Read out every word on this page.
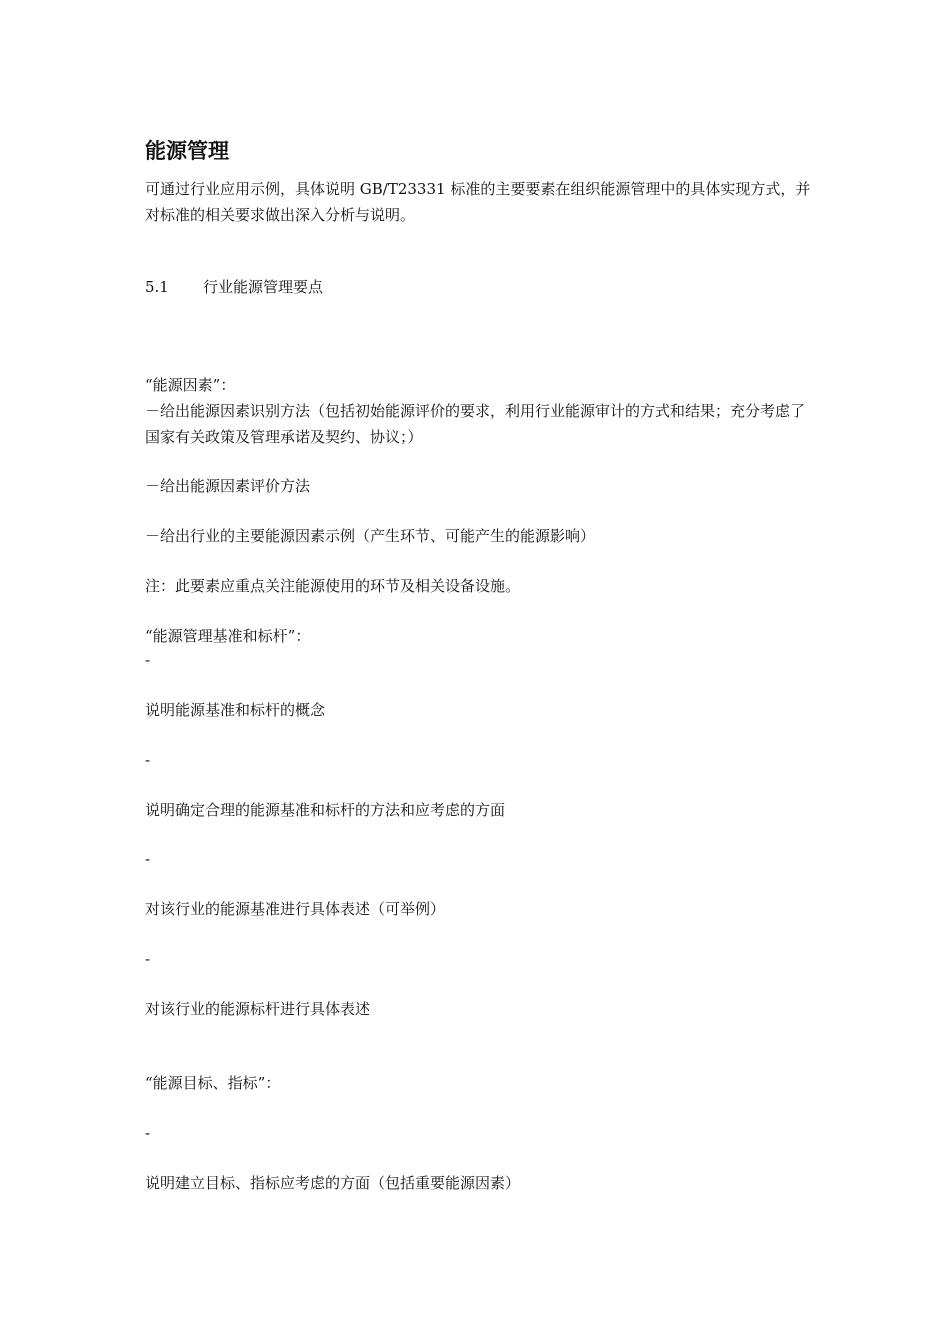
能源管理

可通过行业应用示例，具体说明 GB/T23331 标准的主要要素在组织能源管理中的具体实现方式，并对标准的相关要求做出深入分析与说明。

5.1 行业能源管理要点

“能源因素”：

－给出能源因素识别方法（包括初始能源评价的要求，利用行业能源审计的方式和结果；充分考虑了国家有关政策及管理承诺及契约、协议；）

－给出能源因素评价方法

－给出行业的主要能源因素示例（产生环节、可能产生的能源影响）

注：此要素应重点关注能源使用的环节及相关设备设施。

“能源管理基准和标杆”：

-

说明能源基准和标杆的概念

-

说明确定合理的能源基准和标杆的方法和应考虑的方面

-

对该行业的能源基准进行具体表述（可举例）

-

对该行业的能源标杆进行具体表述

“能源目标、指标”：

-

说明建立目标、指标应考虑的方面（包括重要能源因素）
